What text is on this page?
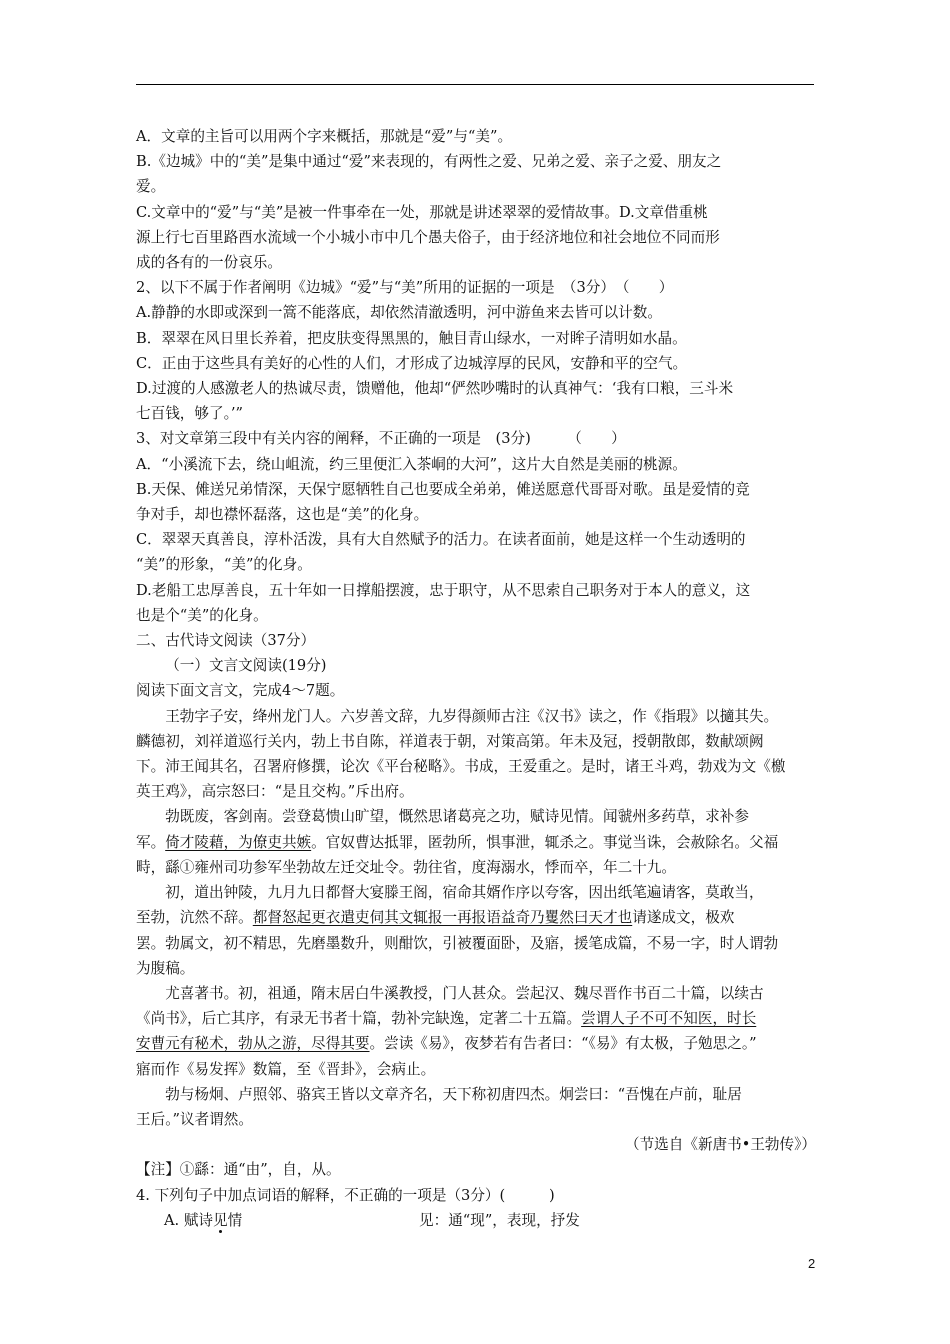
A．文章的主旨可以用两个字来概括，那就是“爱”与“美”。

B.《边城》中的“美”是集中通过“爱”来表现的，有两性之爱、兄弟之爱、亲子之爱、朋友之

爱。

C.文章中的“爱”与“美”是被一件事牵在一处，那就是讲述翠翠的爱情故事。D.文章借重桃

源上行七百里路酉水流域一个小城小市中几个愚夫俗子，由于经济地位和社会地位不同而形

成的各有的一份哀乐。

2、以下不属于作者阐明《边城》“爱”与“美”所用的证据的一项是　（3分）　（　　）

A.静静的水即或深到一篙不能落底，却依然清澈透明，河中游鱼来去皆可以计数。

B．翠翠在风日里长养着，把皮肤变得黑黑的，触目青山绿水，一对眸子清明如水晶。

C．正由于这些具有美好的心性的人们，才形成了边城淳厚的民风，安静和平的空气。

D.过渡的人感激老人的热诚尽责，馈赠他，他却“俨然吵嘴时的认真神气：‘我有口粮，三斗米

七百钱，够了。’”

3、对文章第三段中有关内容的阐释，不正确的一项是　(3分)　　　（　　）

A．“小溪流下去，绕山岨流，约三里便汇入茶峒的大河”，这片大自然是美丽的桃源。

B.天保、傩送兄弟情深，天保宁愿牺牲自己也要成全弟弟，傩送愿意代哥哥对歌。虽是爱情的竞

争对手，却也襟怀磊落，这也是“美”的化身。

C．翠翠天真善良，淳朴活泼，具有大自然赋予的活力。在读者面前，她是这样一个生动透明的

“美”的形象，“美”的化身。

D.老船工忠厚善良，五十年如一日撑船摆渡，忠于职守，从不思索自己职务对于本人的意义，这

也是个“美”的化身。

二、古代诗文阅读（37分）

（一）文言文阅读(19分)

阅读下面文言文，完成4～7题。

王勃字子安，绛州龙门人。六岁善文辞，九岁得颜师古注《汉书》读之，作《指瑕》以擿其失。

麟德初，刘祥道巡行关内，勃上书自陈，祥道表于朝，对策高第。年未及冠，授朝散郎，数献颂阙

下。沛王闻其名，召署府修撰，论次《平台秘略》。书成，王爱重之。是时，诸王斗鸡，勃戏为文《檄

英王鸡》，高宗怒曰：“是且交构。”斥出府。

勃既废，客剑南。尝登葛愦山旷望，慨然思诸葛亮之功，赋诗见情。闻虢州多药草，求补参

军。倚才陵藉，为僚吏共嫉。官奴曹达抵罪，匿勃所，惧事泄，辄杀之。事觉当诛，会赦除名。父福

畤，繇①雍州司功参军坐勃故左迁交址令。勃往省，度海溺水，悸而卒，年二十九。

初，道出钟陵，九月九日都督大宴滕王阁，宿命其婿作序以夸客，因出纸笔遍请客，莫敢当，

至勃，沆然不辞。都督怒起更衣遣吏伺其文辄报一再报语益奇乃矍然曰天才也请遂成文，极欢

罢。勃属文，初不精思，先磨墨数升，则酣饮，引被覆面卧，及寤，援笔成篇，不易一字，时人谓勃

为腹稿。

尤喜著书。初，祖通，隋末居白牛溪教授，门人甚众。尝起汉、魏尽晋作书百二十篇，以续古

《尚书》，后亡其序，有录无书者十篇，勃补完缺逸，定著二十五篇。尝谓人子不可不知医，时长

安曹元有秘术，勃从之游，尽得其要。尝读《易》，夜梦若有告者曰：“《易》有太极，子勉思之。”

寤而作《易发挥》数篇，至《晋卦》，会病止。

勃与杨炯、卢照邻、骆宾王皆以文章齐名，天下称初唐四杰。炯尝曰：“吾愧在卢前，耻居

王后。”议者谓然。

（节选自《新唐书•王勃传》）

【注】①繇：通“由”，自，从。

4. 下列句子中加点词语的解释，不正确的一项是（3分）(　　　)

A. 赋诗见情	见：通“现”，表现，抒发
2
